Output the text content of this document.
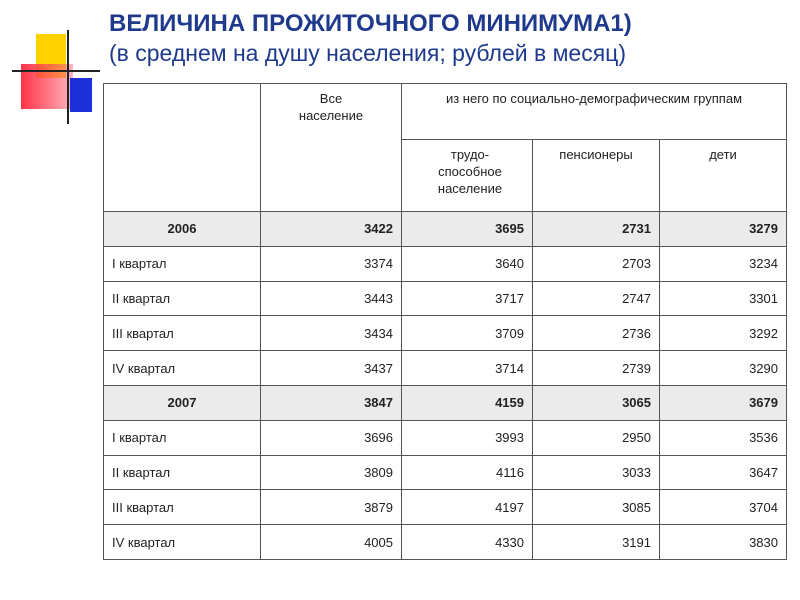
ВЕЛИЧИНА ПРОЖИТОЧНОГО МИНИМУМА1)
(в среднем на душу населения; рублей в месяц)
	Все население	из него по социально-демографическим группам		
		трудо-способное население	пенсионеры	дети
2006	3422	3695	2731	3279
I квартал	3374	3640	2703	3234
II квартал	3443	3717	2747	3301
III квартал	3434	3709	2736	3292
IV квартал	3437	3714	2739	3290
2007	3847	4159	3065	3679
I квартал	3696	3993	2950	3536
II квартал	3809	4116	3033	3647
III квартал	3879	4197	3085	3704
IV квартал	4005	4330	3191	3830
